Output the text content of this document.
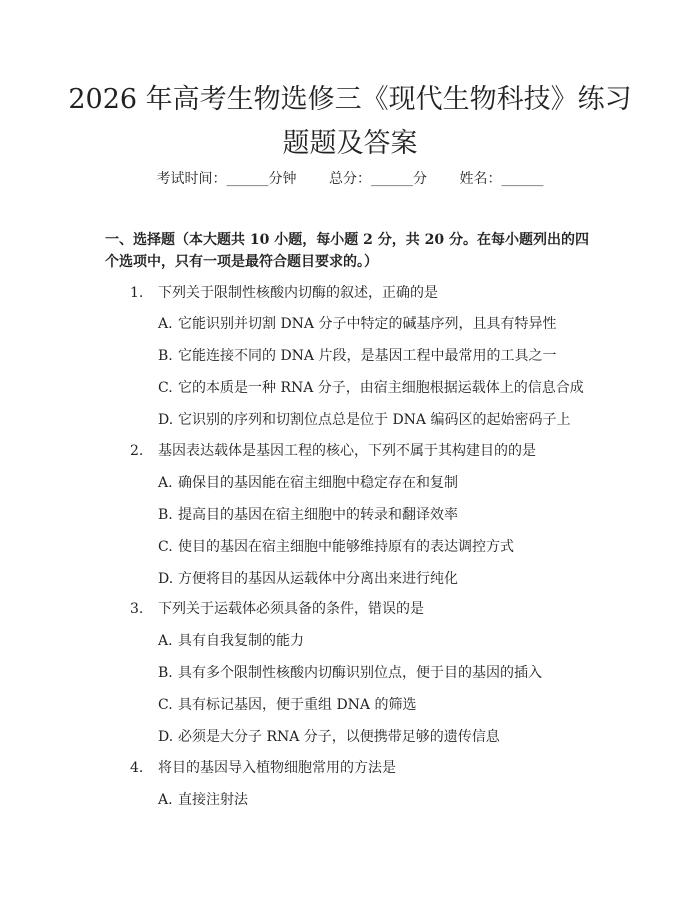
2026 年高考生物选修三《现代生物科技》练习题题及答案
考试时间：______分钟 总分：______分 姓名：______

一、选择题（本大题共 10 小题，每小题 2 分，共 20 分。在每小题列出的四个选项中，只有一项是最符合题目要求的。）

1. 下列关于限制性核酸内切酶的叙述，正确的是
A. 它能识别并切割 DNA 分子中特定的碱基序列，且具有特异性
B. 它能连接不同的 DNA 片段，是基因工程中最常用的工具之一
C. 它的本质是一种 RNA 分子，由宿主细胞根据运载体上的信息合成
D. 它识别的序列和切割位点总是位于 DNA 编码区的起始密码子上
2. 基因表达载体是基因工程的核心，下列不属于其构建目的的是
A. 确保目的基因能在宿主细胞中稳定存在和复制
B. 提高目的基因在宿主细胞中的转录和翻译效率
C. 使目的基因在宿主细胞中能够维持原有的表达调控方式
D. 方便将目的基因从运载体中分离出来进行纯化
3. 下列关于运载体必须具备的条件，错误的是
A. 具有自我复制的能力
B. 具有多个限制性核酸内切酶识别位点，便于目的基因的插入
C. 具有标记基因，便于重组 DNA 的筛选
D. 必须是大分子 RNA 分子，以便携带足够的遗传信息
4. 将目的基因导入植物细胞常用的方法是
A. 直接注射法
